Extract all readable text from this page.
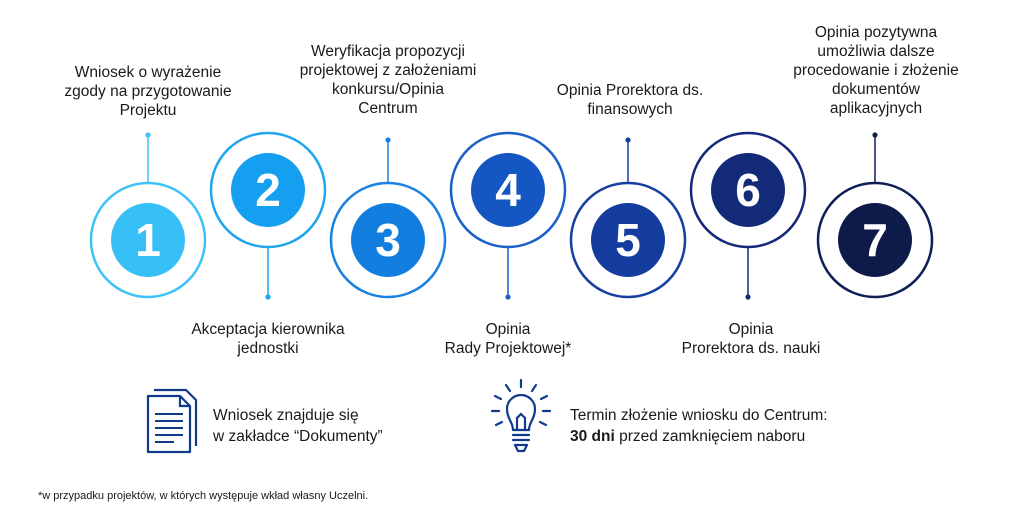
1
2
3
4
5
6
7
Wniosek o wyrażenie
zgody na przygotowanie
Projektu
Akceptacja kierownika
jednostki
Weryfikacja propozycji
projektowej z założeniami
konkursu/Opinia
Centrum
Opinia
Rady Projektowej*
Opinia Prorektora ds.
finansowych
Opinia
Prorektora ds. nauki
Opinia pozytywna
umożliwia dalsze
procedowanie i złożenie
dokumentów
aplikacyjnych
Wniosek znajduje się
w zakładce “Dokumenty”
Termin złożenie wniosku do Centrum:
30 dni przed zamknięciem naboru
*w przypadku projektów, w których występuje wkład własny Uczelni.
